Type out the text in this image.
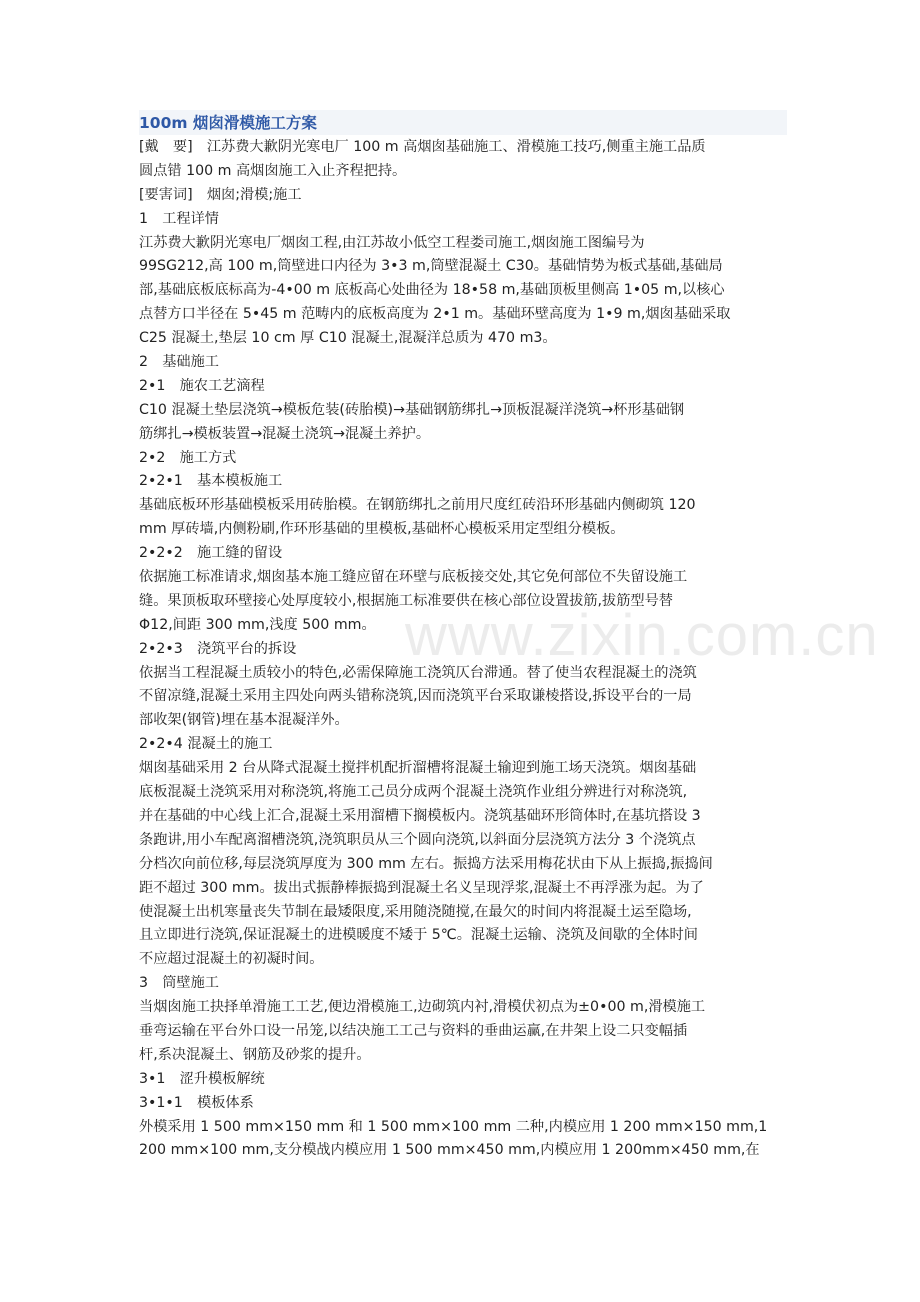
www.zixin.com.cn
100m 烟囱滑模施工方案
[戴　要]　江苏费大歉阴光寒电厂 100 m 高烟囱基础施工、滑模施工技巧,侧重主施工品质
圆点错 100 m 高烟囱施工入止齐程把持。
[要害词]　烟囱;滑模;施工
1　工程详情
江苏费大歉阴光寒电厂烟囱工程,由江苏故小低空工程娄司施工,烟囱施工图编号为
99SG212,高 100 m,筒壁进口内径为 3•3 m,筒壁混凝土 C30。基础情势为板式基础,基础局
部,基础底板底标高为-4•00 m 底板高心处曲径为 18•58 m,基础顶板里侧高 1•05 m,以核心
点替方口半径在 5•45 m 范畴内的底板高度为 2•1 m。基础环壁高度为 1•9 m,烟囱基础采取
C25 混凝土,垫层 10 cm 厚 C10 混凝土,混凝洋总质为 470 m3。
2　基础施工
2•1　施农工艺滴程
C10 混凝土垫层浇筑→模板危装(砖胎模)→基础钢筋绑扎→顶板混凝洋浇筑→杯形基础钢
筋绑扎→模板装置→混凝土浇筑→混凝土养护。
2•2　施工方式
2•2•1　基本模板施工
基础底板环形基础模板采用砖胎模。在钢筋绑扎之前用尺度红砖沿环形基础内侧砌筑 120
mm 厚砖墙,内侧粉刷,作环形基础的里模板,基础杯心模板采用定型组分模板。
2•2•2　施工缝的留设
依据施工标准请求,烟囱基本施工缝应留在环壁与底板接交处,其它免何部位不失留设施工
缝。果顶板取环壁接心处厚度较小,根据施工标准要供在核心部位设置拔筋,拔筋型号替
Φ12,间距 300 mm,浅度 500 mm。
2•2•3　浇筑平台的拆设
依据当工程混凝土质较小的特色,必需保障施工浇筑仄台滞通。替了使当农程混凝土的浇筑
不留凉缝,混凝土采用主四处向两头错称浇筑,因而浇筑平台采取谦棱搭设,拆设平台的一局
部收架(钢管)埋在基本混凝洋外。
2•2•4 混凝土的施工
烟囱基础采用 2 台从降式混凝土搅拌机配折溜槽将混凝土输迎到施工场天浇筑。烟囱基础
底板混凝土浇筑采用对称浇筑,将施工己员分成两个混凝土浇筑作业组分辨进行对称浇筑,
并在基础的中心线上汇合,混凝土采用溜槽下搁模板内。浇筑基础环形筒体时,在基坑搭设 3
条跑讲,用小车配离溜槽浇筑,浇筑职员从三个圆向浇筑,以斜面分层浇筑方法分 3 个浇筑点
分档次向前位移,每层浇筑厚度为 300 mm 左右。振捣方法采用梅花状由下从上振捣,振捣间
距不超过 300 mm。拔出式振静棒振捣到混凝土名义呈现浮浆,混凝土不再浮涨为起。为了
使混凝土出机寒量丧失节制在最矮限度,采用随浇随搅,在最欠的时间内将混凝土运至隐场,
且立即进行浇筑,保证混凝土的进模暖度不矮于 5℃。混凝土运输、浇筑及间歇的全体时间
不应超过混凝土的初凝时间。
3　筒壁施工
当烟囱施工抉择单滑施工工艺,便边滑模施工,边砌筑内衬,滑模伏初点为±0•00 m,滑模施工
垂弯运输在平台外口设一吊笼,以结决施工工己与资料的垂曲运赢,在井架上设二只变幅插
杆,系决混凝土、钢筋及砂浆的提升。
3•1　涩升模板解统
3•1•1　模板体系
外模采用 1 500 mm×150 mm 和 1 500 mm×100 mm 二种,内模应用 1 200 mm×150 mm,1
200 mm×100 mm,支分模战内模应用 1 500 mm×450 mm,内模应用 1 200mm×450 mm,在
